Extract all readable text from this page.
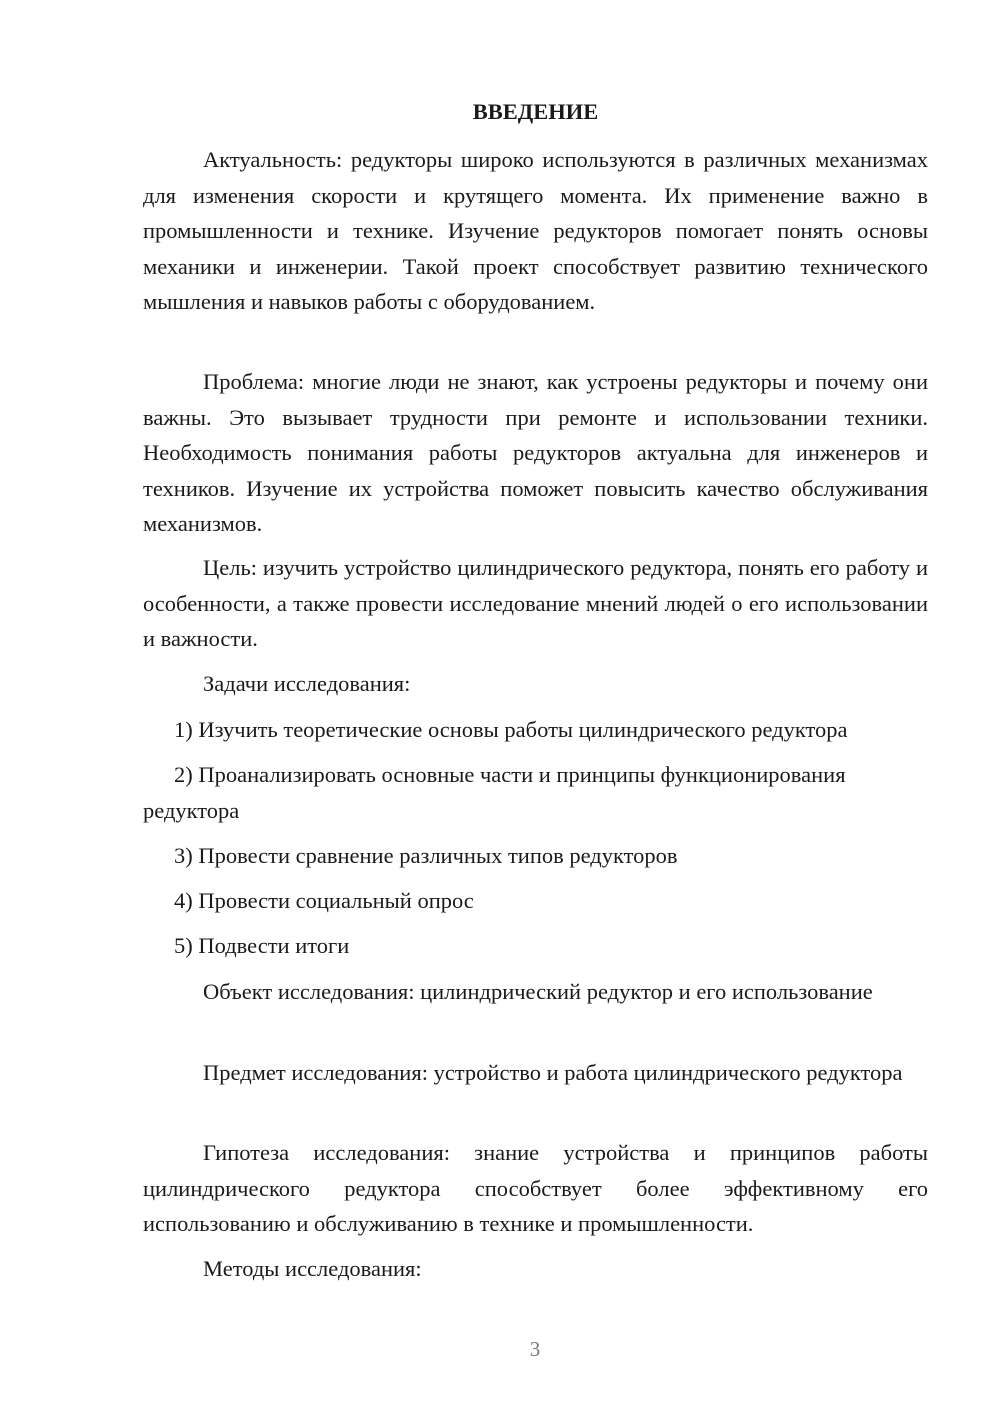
ВВЕДЕНИЕ

Актуальность: редукторы широко используются в различных механизмах для изменения скорости и крутящего момента. Их применение важно в промышленности и технике. Изучение редукторов помогает понять основы механики и инженерии. Такой проект способствует развитию технического мышления и навыков работы с оборудованием.

Проблема: многие люди не знают, как устроены редукторы и почему они важны. Это вызывает трудности при ремонте и использовании техники. Необходимость понимания работы редукторов актуальна для инженеров и техников. Изучение их устройства поможет повысить качество обслуживания механизмов.

Цель: изучить устройство цилиндрического редуктора, понять его работу и особенности, а также провести исследование мнений людей о его использовании и важности.

Задачи исследования:

1) Изучить теоретические основы работы цилиндрического редуктора

2) Проанализировать основные части и принципы функционирования редуктора

3) Провести сравнение различных типов редукторов

4) Провести социальный опрос

5) Подвести итоги

Объект исследования: цилиндрический редуктор и его использование

Предмет исследования: устройство и работа цилиндрического редуктора

Гипотеза исследования: знание устройства и принципов работы цилиндрического редуктора способствует более эффективному его использованию и обслуживанию в технике и промышленности.

Методы исследования:

3
